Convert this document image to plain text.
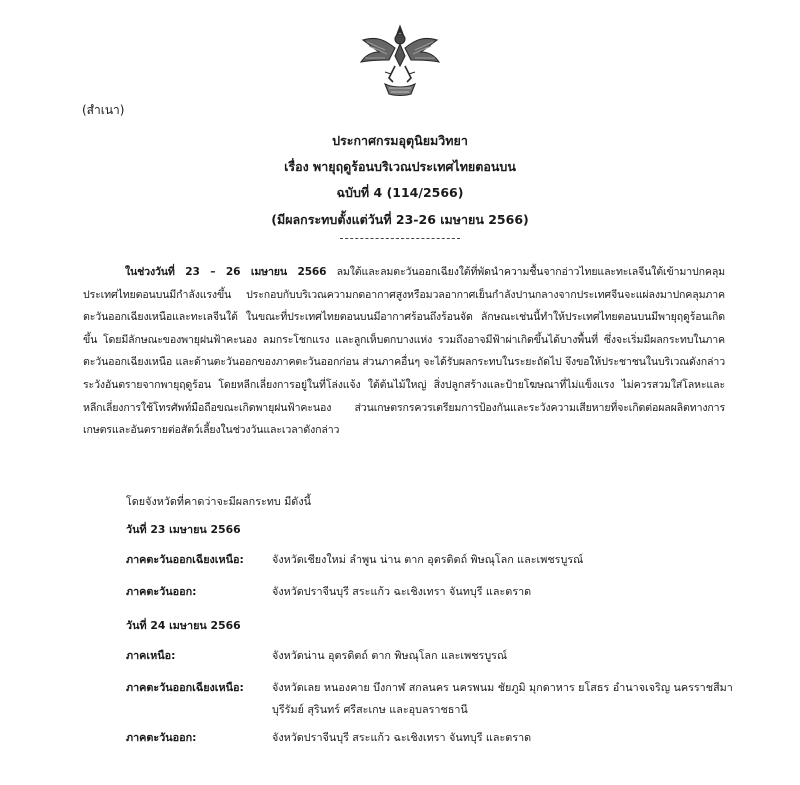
(สำเนา)
ประกาศกรมอุตุนิยมวิทยา
เรื่อง พายุฤดูร้อนบริเวณประเทศไทยตอนบน
ฉบับที่ 4 (114/2566)
(มีผลกระทบตั้งแต่วันที่ 23-26 เมษายน 2566)
ในช่วงวันที่ 23 – 26 เมษายน 2566 ลมใต้และลมตะวันออกเฉียงใต้ที่พัดนำความชื้นจากอ่าวไทยและทะเลจีนใต้เข้ามาปกคลุมประเทศไทยตอนบนมีกำลังแรงขึ้น ประกอบกับบริเวณความกดอากาศสูงหรือมวลอากาศเย็นกำลังปานกลางจากประเทศจีนจะแผ่ลงมาปกคลุมภาคตะวันออกเฉียงเหนือและทะเลจีนใต้ ในขณะที่ประเทศไทยตอนบนมีอากาศร้อนถึงร้อนจัด ลักษณะเช่นนี้ทำให้ประเทศไทยตอนบนมีพายุฤดูร้อนเกิดขึ้น โดยมีลักษณะของพายุฝนฟ้าคะนอง ลมกระโชกแรง และลูกเห็บตกบางแห่ง รวมถึงอาจมีฟ้าผ่าเกิดขึ้นได้บางพื้นที่ ซึ่งจะเริ่มมีผลกระทบในภาคตะวันออกเฉียงเหนือ และด้านตะวันออกของภาคตะวันออกก่อน ส่วนภาคอื่นๆ จะได้รับผลกระทบในระยะถัดไป จึงขอให้ประชาชนในบริเวณดังกล่าวระวังอันตรายจากพายุฤดูร้อน โดยหลีกเลี่ยงการอยู่ในที่โล่งแจ้ง ใต้ต้นไม้ใหญ่ สิ่งปลูกสร้างและป้ายโฆษณาที่ไม่แข็งแรง ไม่ควรสวมใส่โลหะและหลีกเลี่ยงการใช้โทรศัพท์มือถือขณะเกิดพายุฝนฟ้าคะนอง ส่วนเกษตรกรควรเตรียมการป้องกันและระวังความเสียหายที่จะเกิดต่อผลผลิตทางการเกษตรและอันตรายต่อสัตว์เลี้ยงในช่วงวันและเวลาดังกล่าว
โดยจังหวัดที่คาดว่าจะมีผลกระทบ มีดังนี้
วันที่ 23 เมษายน 2566
ภาคตะวันออกเฉียงเหนือ:	จังหวัดเชียงใหม่ ลำพูน น่าน ตาก อุตรดิตถ์ พิษณุโลก และเพชรบูรณ์
ภาคตะวันออก:	จังหวัดปราจีนบุรี สระแก้ว ฉะเชิงเทรา จันทบุรี และตราด
วันที่ 24 เมษายน 2566
ภาคเหนือ:	จังหวัดน่าน อุตรดิตถ์ ตาก พิษณุโลก และเพชรบูรณ์
ภาคตะวันออกเฉียงเหนือ:	จังหวัดเลย หนองคาย บึงกาฬ สกลนคร นครพนม ชัยภูมิ มุกดาหาร ยโสธร อำนาจเจริญ นครราชสีมา บุรีรัมย์ สุรินทร์ ศรีสะเกษ และอุบลราชธานี
ภาคตะวันออก:	จังหวัดปราจีนบุรี สระแก้ว ฉะเชิงเทรา จันทบุรี และตราด
